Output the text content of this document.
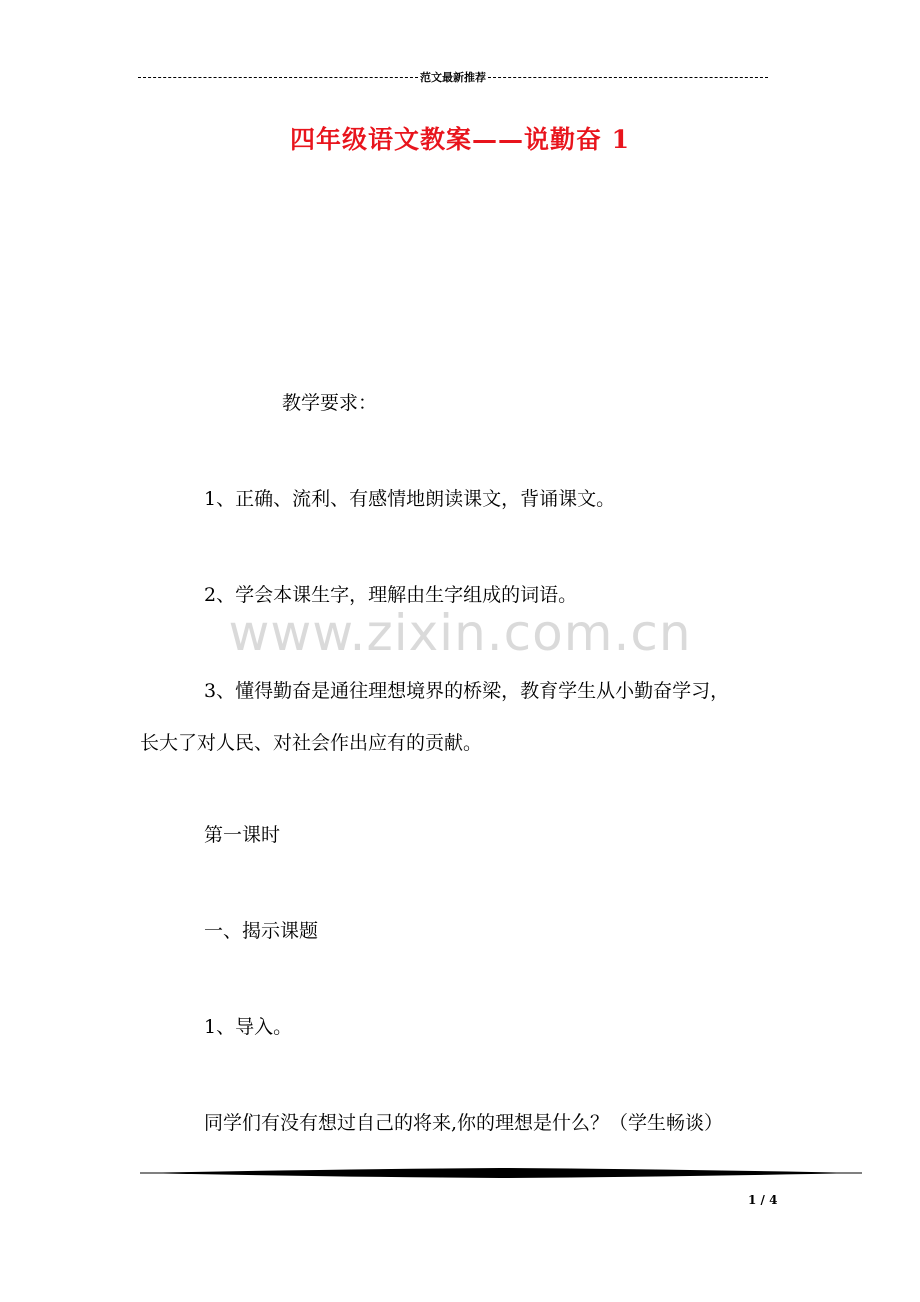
范文最新推荐
四年级语文教案——说勤奋 1
教学要求：
1、正确、流利、有感情地朗读课文，背诵课文。
2、学会本课生字，理解由生字组成的词语。
www.zixin.com.cn
3、懂得勤奋是通往理想境界的桥梁，教育学生从小勤奋学习，
长大了对人民、对社会作出应有的贡献。
第一课时
一、揭示课题
1、导入。
同学们有没有想过自己的将来,你的理想是什么？（学生畅谈）
1 / 4
